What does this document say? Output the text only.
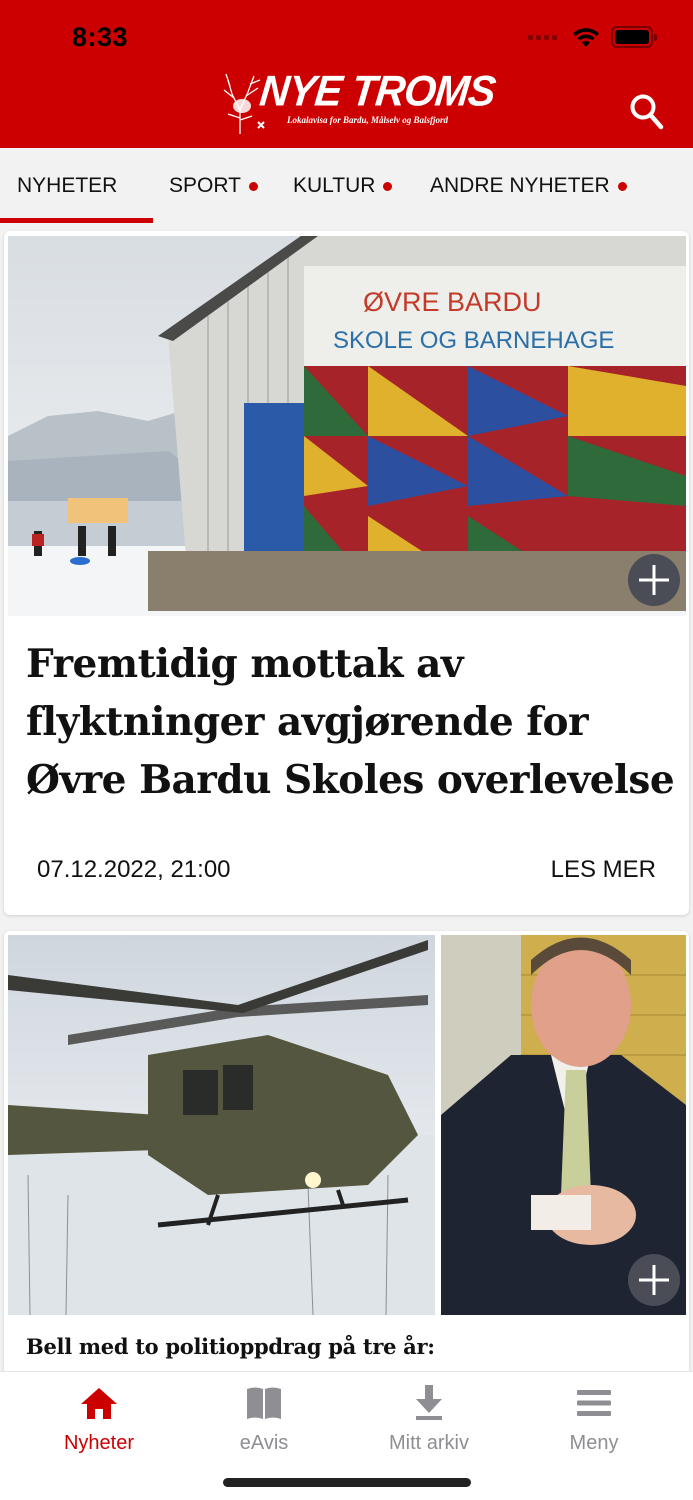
8:33
NYE TROMS
Lokalavisa for Bardu, Målselv og Balsfjord
NYHETER SPORT KULTUR	ANDRE NYHETER
ØVRE BARDU
SKOLE OG BARNEHAGE
Fremtidig mottak av flyktninger avgjørende for Øvre Bardu Skoles overlevelse
07.12.2022, 21:00	LES MER
Bell med to politioppdrag på tre år:
Nyheter	eAvis	Mitt arkiv	Meny
